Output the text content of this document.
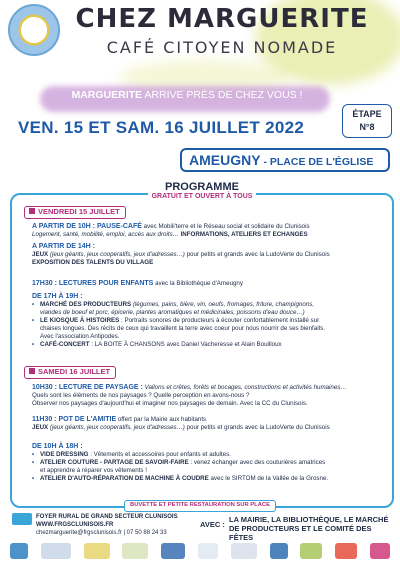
CHEZ MARGUERITE
CAFÉ CITOYEN NOMADE
MARGUERITE ARRIVE PRÈS DE CHEZ VOUS !
ÉTAPE
N°8
VEN. 15 ET SAM. 16 JUILLET 2022
AMEUGNY - PLACE DE L'ÉGLISE
PROGRAMME
GRATUIT ET OUVERT À TOUS
VENDREDI 15 JUILLET
A PARTIR DE 10H : PAUSE-CAFÉ avec Mobili'terre et le Réseau social et solidaire du Clunisois
Logement, santé, mobilité, emploi, accès aux droits… INFORMATIONS, ATELIERS ET ECHANGES
A PARTIR DE 14H :
JEUX (jeux géants, jeux cooperatifs, jeux d'adresses…) pour petits et grands avec la LudoVerte du Clunisois
EXPOSITION DES TALENTS DU VILLAGE
17H30 : LECTURES POUR ENFANTS avec la Bibliothèque d'Ameugny
DE 17H À 19H :
• MARCHÉ DES PRODUCTEURS (légumes, pains, bière, vin, oeufs, fromages, friture, champignons,
viandes de boeuf et porc, épicerie, plantes aromatiques et médicinales, poissons d'eau douce…)
• LE KIOSQUE À HISTOIRES : Portraits sonores de producteurs à écouter confortablement installé sur
chaises longues. Des récits de ceux qui travaillent la terre avec coeur pour nous nourrir de ses bienfaits.
Avec l'association Antipodes.
• CAFÉ-CONCERT : LA BOITE À CHANSONS avec Daniel Vacheresse et Alain Bouilloux
SAMEDI 16 JUILLET
10H30 : LECTURE DE PAYSAGE : Vallons et crêtes, forêts et bocages, constructions et activités humaines…
Quels sont les éléments de nos paysages ? Quelle perception en avons-nous ?
Observer nos paysages d'aujourd'hui et imaginer nos paysages de demain. Avec la CC du Clunisois.
11H30 : POT DE L'AMITIE offert par la Mairie aux habitants
JEUX (jeux géants, jeux cooperatifs, jeux d'adresses…) pour petits et grands avec la LudoVerte du Clunisois
DE 10H À 18H :
• VIDE DRESSING : Vêtements et accessoires pour enfants et adultes.
• ATELIER COUTURE - PARTAGE DE SAVOIR-FAIRE : venez échanger avec des couturières amatrices
et apprendre à réparer vos vêtements !
• ATELIER D'AUTO-RÉPARATION DE MACHINE À COUDRE avec le SIRTOM de la Vallée de la Grosne.
BUVETTE ET PETITE RESTAURATION SUR PLACE
FOYER RURAL DE GRAND SECTEUR CLUNISOIS
WWW.FRGSCLUNISOIS.FR
chezmarguerite@frgsclunisois.fr | 07 50 88 24 33
AVEC :
LA MAIRIE, LA BIBLIOTHÈQUE, LE MARCHÉ DE PRODUCTEURS ET LE COMITÉ DES FÊTES
